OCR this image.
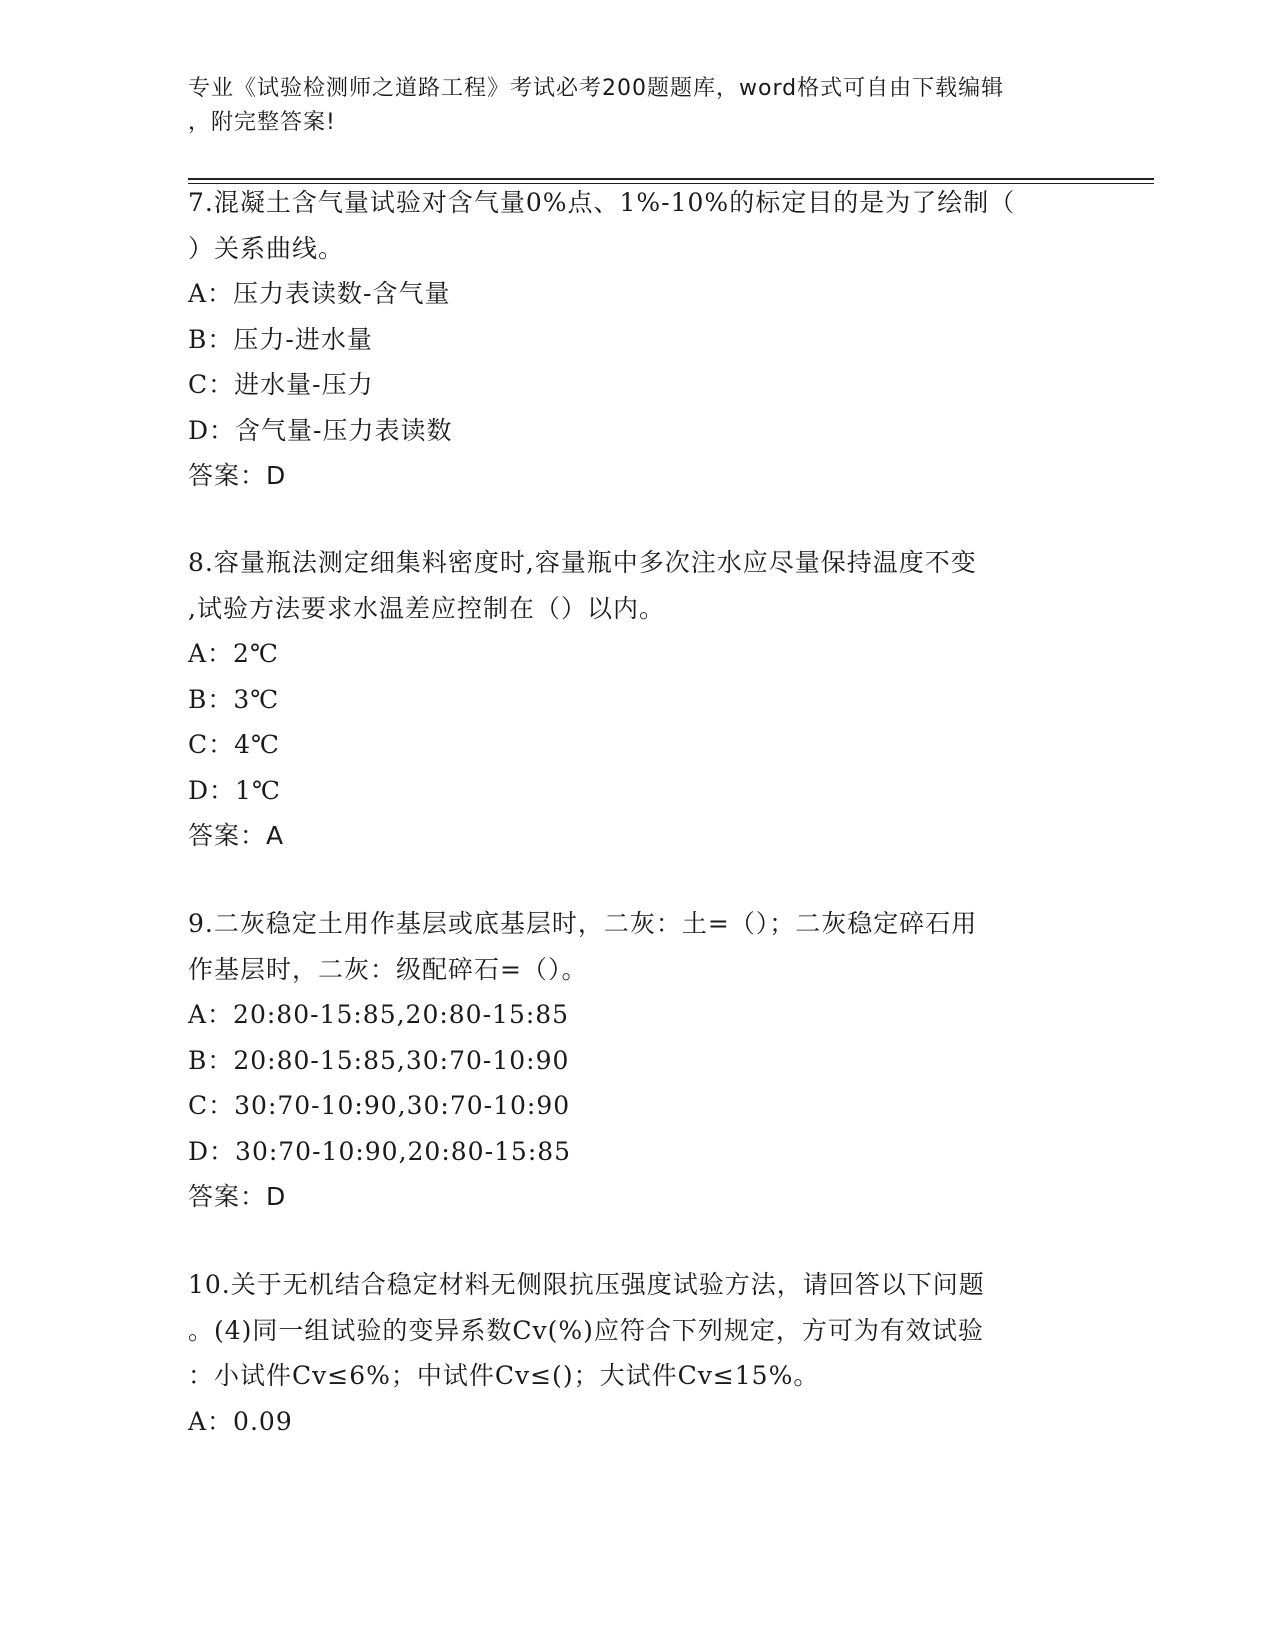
专业《试验检测师之道路工程》考试必考200题题库，word格式可自由下载编辑
，附完整答案!
7.混凝土含气量试验对含气量0%点、1%-10%的标定目的是为了绘制（
）关系曲线。
A：压力表读数-含气量
B：压力-进水量
C：进水量-压力
D：含气量-压力表读数
答案：D
8.容量瓶法测定细集料密度时,容量瓶中多次注水应尽量保持温度不变
,试验方法要求水温差应控制在（）以内。
A：2℃
B：3℃
C：4℃
D：1℃
答案：A
9.二灰稳定土用作基层或底基层时，二灰：土=（）；二灰稳定碎石用
作基层时，二灰：级配碎石=（）。
A：20:80-15:85,20:80-15:85
B：20:80-15:85,30:70-10:90
C：30:70-10:90,30:70-10:90
D：30:70-10:90,20:80-15:85
答案：D
10.关于无机结合稳定材料无侧限抗压强度试验方法，请回答以下问题
。(4)同一组试验的变异系数Cv(%)应符合下列规定，方可为有效试验
：小试件Cv≤6%；中试件Cv≤()；大试件Cv≤15%。
A：0.09
